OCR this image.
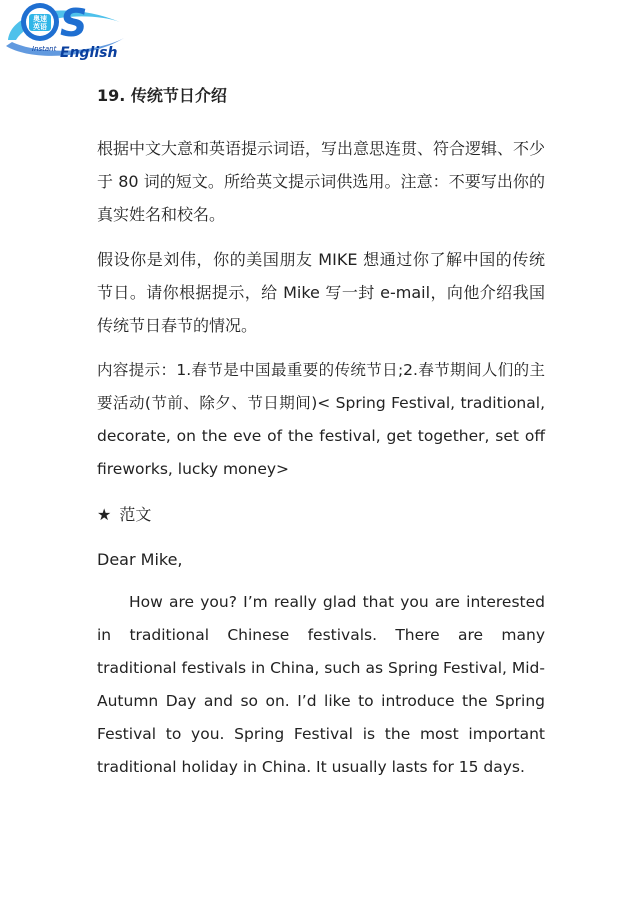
奥速
英语 S
Instant English
19. 传统节日介绍
根据中文大意和英语提示词语，写出意思连贯、符合逻辑、不少于 80 词的短文。所给英文提示词供选用。注意：不要写出你的真实姓名和校名。
假设你是刘伟，你的美国朋友 MIKE 想通过你了解中国的传统节日。请你根据提示，给 Mike 写一封 e-mail，向他介绍我国传统节日春节的情况。
内容提示：1.春节是中国最重要的传统节日;2.春节期间人们的主要活动(节前、除夕、节日期间)< Spring Festival, traditional, decorate, on the eve of the festival, get together, set off fireworks, lucky money>
★ 范文
Dear Mike,
How are you? I’m really glad that you are interested in traditional Chinese festivals. There are many traditional festivals in China, such as Spring Festival, Mid-Autumn Day and so on. I’d like to introduce the Spring Festival to you. Spring Festival is the most important traditional holiday in China. It usually lasts for 15 days.
